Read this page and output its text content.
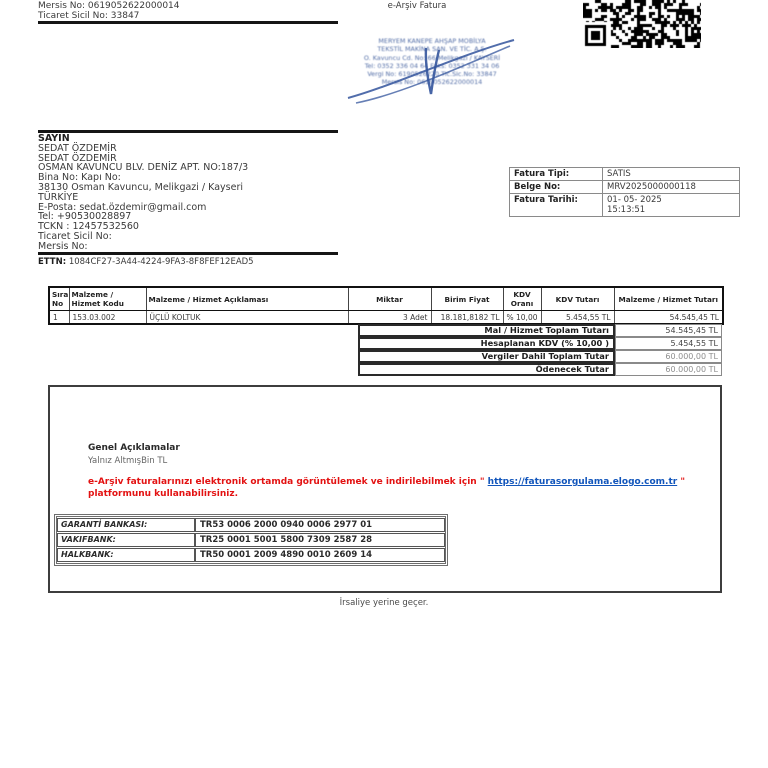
Mersis No: 0619052622000014
Ticaret Sicil No: 33847
e-Arşiv Fatura
MERYEM KANEPE AHŞAP MOBİLYA
TEKSTİL MAKİNA SAN. VE TİC. A.Ş.
O. Kavuncu Cd. No: 66 Melikgazi / KAYSERİ
Tel: 0352 336 04 64 Faks: 0352 331 34 06
Vergi No: 6190526220 Tic.Sic.No: 33847
Mersis No: 0619052622000014
SAYIN
SEDAT ÖZDEMİR
SEDAT ÖZDEMİR
OSMAN KAVUNCU BLV. DENİZ APT. NO:187/3
Bina No: Kapı No:
38130 Osman Kavuncu, Melikgazi / Kayseri
TÜRKİYE
E-Posta: sedat.özdemir@gmail.com
Tel: +90530028897
TCKN : 12457532560
Ticaret Sicil No:
Mersis No:
Fatura Tipi:	SATIS
Belge No:	MRV2025000000118
Fatura Tarihi:	01- 05- 2025
15:13:51
ETTN: 1084CF27-3A44-4224-9FA3-8F8FEF12EAD5
Sıra No	Malzeme / Hizmet Kodu	Malzeme / Hizmet Açıklaması	Miktar	Birim Fiyat	KDV Oranı	KDV Tutarı	Malzeme / Hizmet Tutarı
1	153.03.002	ÜÇLÜ KOLTUK	3 Adet	18.181,8182 TL	% 10,00	5.454,55 TL	54.545,45 TL
Mal / Hizmet Toplam Tutarı	54.545,45 TL
Hesaplanan KDV (% 10,00 )	5.454,55 TL
Vergiler Dahil Toplam Tutar	60.000,00 TL
Ödenecek Tutar	60.000,00 TL
Genel Açıklamalar
Yalnız AltmışBin TL
e-Arşiv faturalarınızı elektronik ortamda görüntülemek ve indirilebilmek için " https://faturasorgulama.elogo.com.tr " platformunu kullanabilirsiniz.
GARANTİ BANKASI:	TR53 0006 2000 0940 0006 2977 01
VAKIFBANK:	TR25 0001 5001 5800 7309 2587 28
HALKBANK:	TR50 0001 2009 4890 0010 2609 14
İrsaliye yerine geçer.
